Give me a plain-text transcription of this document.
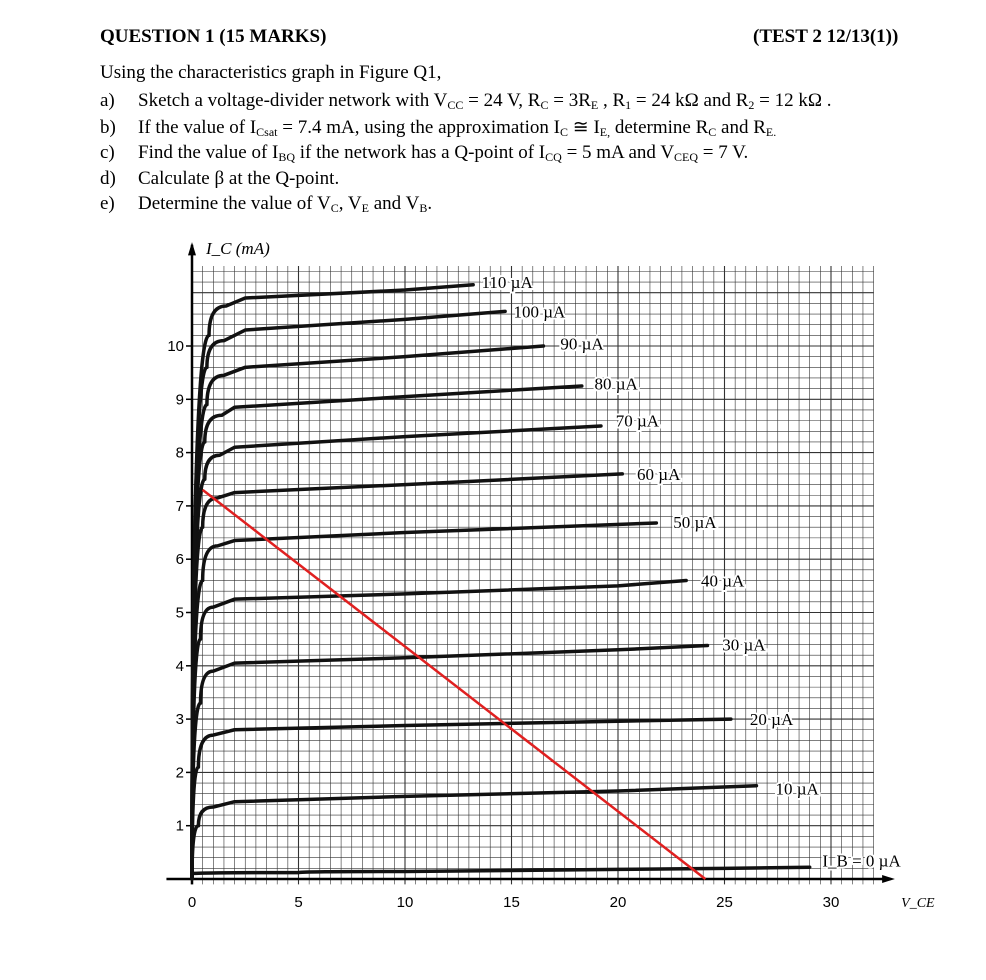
QUESTION 1 (15 MARKS)	(TEST 2 12/13(1))
Using the characteristics graph in Figure Q1,
a) Sketch a voltage-divider network with $V_{CC} = 24$ V, $R_C = 3R_E$ , $R_1 = 24$ kΩ and $R_2 = 12$ kΩ .
b) If the value of $I_{Csat} = 7.4$ mA, using the approximation $I_C$ ≅ $I_{E,}$ determine $R_C$ and $R_{E.}$
c) Find the value of $I_{BQ}$ if the network has a Q-point of $I_{CQ} = 5$ mA and $V_{CEQ} = 7$ V.
d) Calculate β at the Q-point.
e) Determine the value of $V_C$, $V_E$ and $V_B$.
I_C (mA)
V_CE
0	5	10	15	20	25	30
1
2
3
4
5
6
7
8
9
10
I_B = 0 µA
10 µA
20 µA
30 µA
40 µA
50 µA
60 µA
70 µA
80 µA
90 µA
100 µA
110 µA
